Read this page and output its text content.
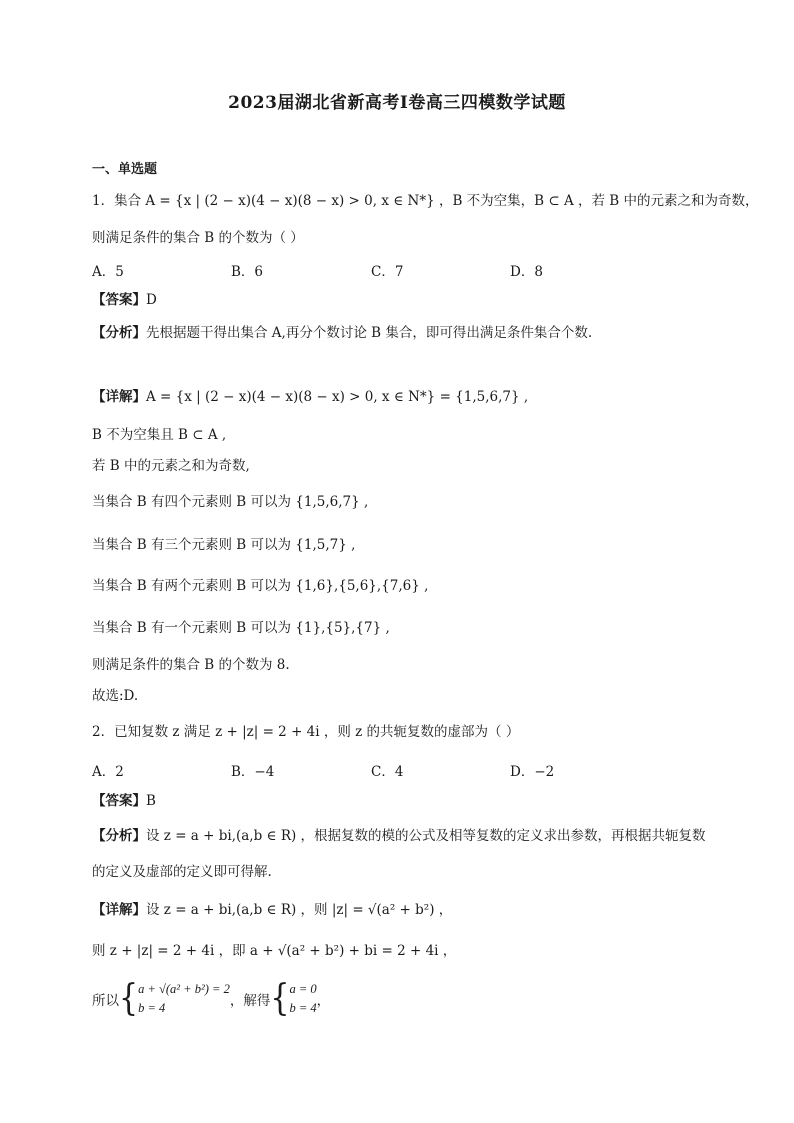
2023届湖北省新高考Ⅰ卷高三四模数学试题
一、单选题
1．集合 A = {x | (2 − x)(4 − x)(8 − x) > 0, x ∈ N*} ，B 不为空集，B ⊂ A ，若 B 中的元素之和为奇数，
则满足条件的集合 B 的个数为（ ）
A．5	B．6	C．7	D．8
【答案】D
【分析】先根据题干得出集合 A,再分个数讨论 B 集合，即可得出满足条件集合个数.
【详解】A = {x | (2 − x)(4 − x)(8 − x) > 0, x ∈ N*} = {1,5,6,7} ,
B 不为空集且 B ⊂ A ,
若 B 中的元素之和为奇数,
当集合 B 有四个元素则 B 可以为 {1,5,6,7} ,
当集合 B 有三个元素则 B 可以为 {1,5,7} ,
当集合 B 有两个元素则 B 可以为 {1,6},{5,6},{7,6} ,
当集合 B 有一个元素则 B 可以为 {1},{5},{7} ,
则满足条件的集合 B 的个数为 8.
故选:D.
2．已知复数 z 满足 z + |z| = 2 + 4i ，则 z 的共轭复数的虚部为（ ）
A．2	B．−4	C．4	D．−2
【答案】B
【分析】设 z = a + bi,(a,b ∈ R) ，根据复数的模的公式及相等复数的定义求出参数，再根据共轭复数
的定义及虚部的定义即可得解.
【详解】设 z = a + bi,(a,b ∈ R) ，则 |z| = √(a² + b²) ，
则 z + |z| = 2 + 4i ，即 a + √(a² + b²) + bi = 2 + 4i ，
所以{ a + √(a² + b²) = 2
b = 4	，解得{ a = 0
b = 4 ，
